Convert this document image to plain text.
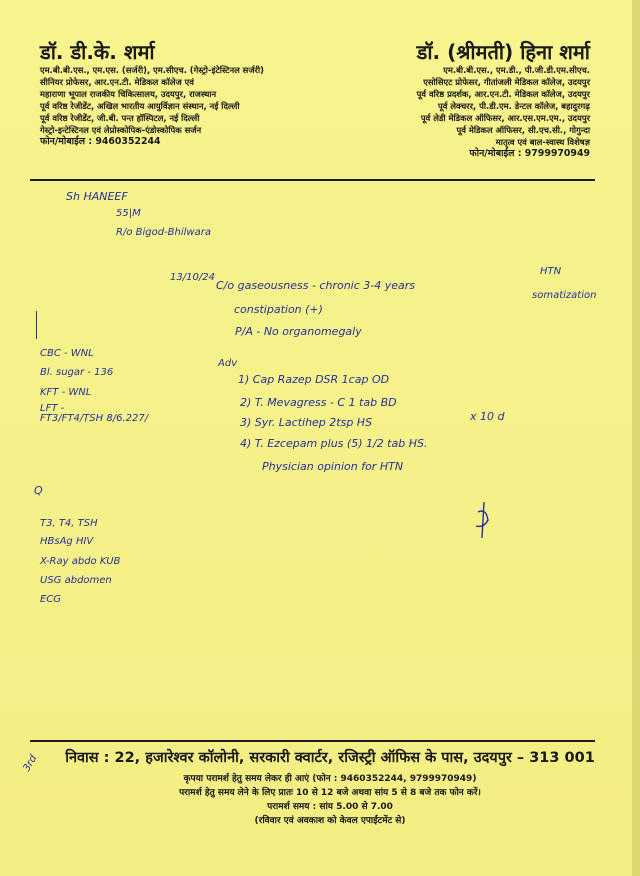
डॉ. डी.के. शर्मा
एम.बी.बी.एस., एम.एस. (सर्जरी), एम.सीएच. (गेस्ट्रो-इंटेस्टिनल सर्जरी)
सीनियर प्रोफेसर, आर.एन.टी. मेडिकल कॉलेज एवं
महाराणा भूपाल राजकीय चिकित्सालय, उदयपुर, राजस्थान
पूर्व वरिष्ठ रेजीडेंट, अखिल भारतीय आयुर्विज्ञान संस्थान, नई दिल्ली
पूर्व वरिष्ठ रेजीडेंट, जी.बी. पन्त हॉस्पिटल, नई दिल्ली
गेस्ट्रो-इन्टेस्टिनल एवं लेप्रोस्कोपिक-एंडोस्कोपिक सर्जन
फोन/मोबाईल : 9460352244
डॉ. (श्रीमती) हिना शर्मा
एम.बी.बी.एस., एम.डी., पी.जी.डी.एम.सीएच.
एसोसिएट प्रोफेसर, गीतांजली मेडिकल कॉलेज, उदयपुर
पूर्व वरिष्ठ प्रदर्शक, आर.एन.टी. मेडिकल कॉलेज, उदयपुर
पूर्व लेक्चरर, पी.डी.एम. डेन्टल कॉलेज, बहादुरगढ़
पूर्व लेडी मेडिकल ऑफिसर, आर.एस.एम.एम., उदयपुर
पूर्व मेडिकल ऑफिसर, सी.एच.सी., गोगुन्दा
मातृत्व एवं बाल-स्वास्थ विशेषज्ञ
फोन/मोबाईल : 9799970949
Sh HANEEF
55|M
R/o Bigod-Bhilwara
13/10/24
C/o gaseousness - chronic 3-4 years
HTN
somatization
constipation (+)
P/A - No organomegaly
CBC - WNL
Bl. sugar - 136
KFT - WNL
LFT -
FT3/FT4/TSH 8/6.227/
Adv
1) Cap Razep DSR 1cap OD
2) T. Mevagress - C 1 tab BD
3) Syr. Lactihep 2tsp HS
4) T. Ezcepam plus (5) 1/2 tab HS.
x 10 d
Physician opinion for HTN
Q
T3, T4, TSH
HBsAg HIV
X-Ray abdo KUB
USG abdomen
ECG
3rd	निवास : 22, हजारेश्वर कॉलोनी, सरकारी क्वार्टर, रजिस्ट्री ऑफिस के पास, उदयपुर – 313 001
कृपया परामर्श हेतु समय लेकर ही आएं (फोन : 9460352244, 9799970949)
परामर्श हेतु समय लेने के लिए प्रातः 10 से 12 बजे अथवा सांय 5 से 8 बजे तक फोन करें।
परामर्श समय : सांय 5.00 से 7.00
(रविवार एवं अवकाश को केवल एपाईंटमेंट से)
